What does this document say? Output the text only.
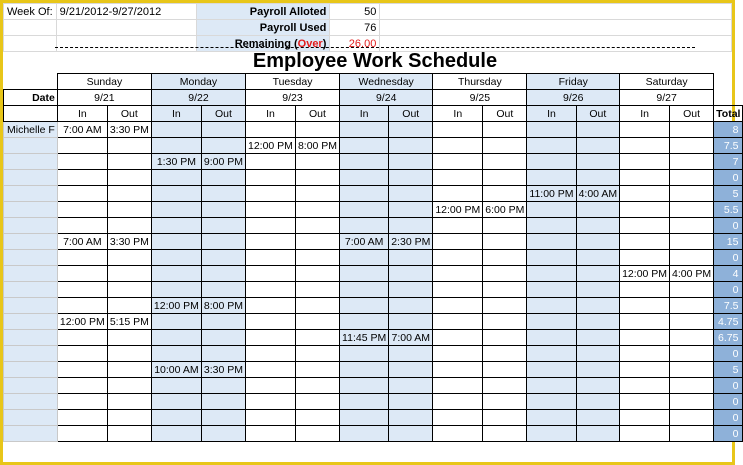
Week Of:	9/21/2012-9/27/2012	Payroll Alloted	50	
		Payroll Used	76	
		Remaining (Over)	26.00	
Employee Work Schedule
	Sunday		Monday		Tuesday		Wednesday		Thursday		Friday		Saturday		
Date	9/21		9/22		9/23		9/24		9/25		9/26		9/27		
	In	Out	In	Out	In	Out	In	Out	In	Out	In	Out	In	Out	Total
Michelle F	7:00 AM	3:30 PM													8
					12:00 PM	8:00 PM									7.5
			1:30 PM	9:00 PM											7
															0
											11:00 PM	4:00 AM			5
									12:00 PM	6:00 PM					5.5
															0
	7:00 AM	3:30 PM					7:00 AM	2:30 PM							15
															0
													12:00 PM	4:00 PM	4
															0
			12:00 PM	8:00 PM											7.5
	12:00 PM	5:15 PM													4.75
							11:45 PM	7:00 AM							6.75
															0
			10:00 AM	3:30 PM											5
															0
															0
															0
															0
